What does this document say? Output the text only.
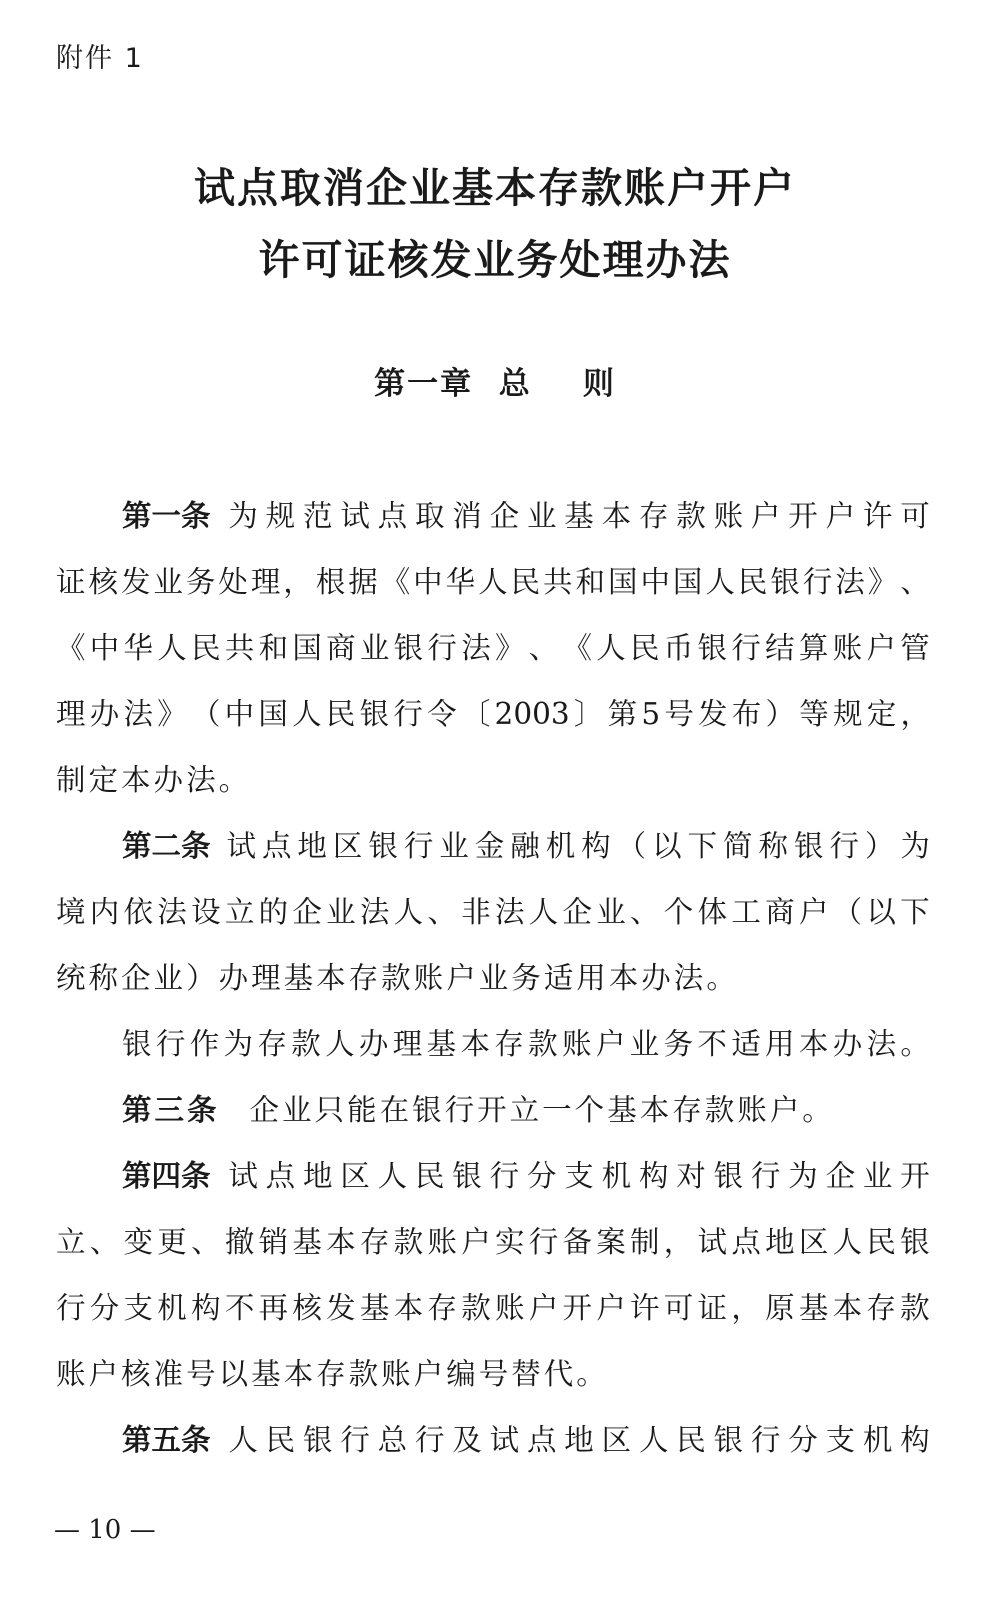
附件 1
试点取消企业基本存款账户开户
许可证核发业务处理办法
第一章  总    则
第一条 为 规 范 试 点 取 消 企 业 基 本 存 款 账 户 开 户 许 可
证 核 发 业 务 处 理 ， 根 据 《 中 华 人 民 共 和 国 中 国 人 民 银 行 法 》 、
《 中 华 人 民 共 和 国 商 业 银 行 法 》 、 《 人 民 币 银 行 结 算 账 户 管
理 办 法 》 （ 中 国 人 民 银 行 令 〔 2003 〕 第 5 号 发 布 ） 等 规 定 ，
制 定 本 办 法 。
第二条 试 点 地 区 银 行 业 金 融 机 构 （ 以 下 简 称 银 行 ） 为
境 内 依 法 设 立 的 企 业 法 人 、 非 法 人 企 业 、 个 体 工 商 户 （ 以 下
统 称 企 业 ） 办 理 基 本 存 款 账 户 业 务 适 用 本 办 法 。
银 行 作 为 存 款 人 办 理 基 本 存 款 账 户 业 务 不 适 用 本 办 法 。
第三条 企 业 只 能 在 银 行 开 立 一 个 基 本 存 款 账 户 。
第四条 试 点 地 区 人 民 银 行 分 支 机 构 对 银 行 为 企 业 开
立 、 变 更 、 撤 销 基 本 存 款 账 户 实 行 备 案 制 ， 试 点 地 区 人 民 银
行 分 支 机 构 不 再 核 发 基 本 存 款 账 户 开 户 许 可 证 ， 原 基 本 存 款
账 户 核 准 号 以 基 本 存 款 账 户 编 号 替 代 。
第五条 人 民 银 行 总 行 及 试 点 地 区 人 民 银 行 分 支 机 构
— 10 —
